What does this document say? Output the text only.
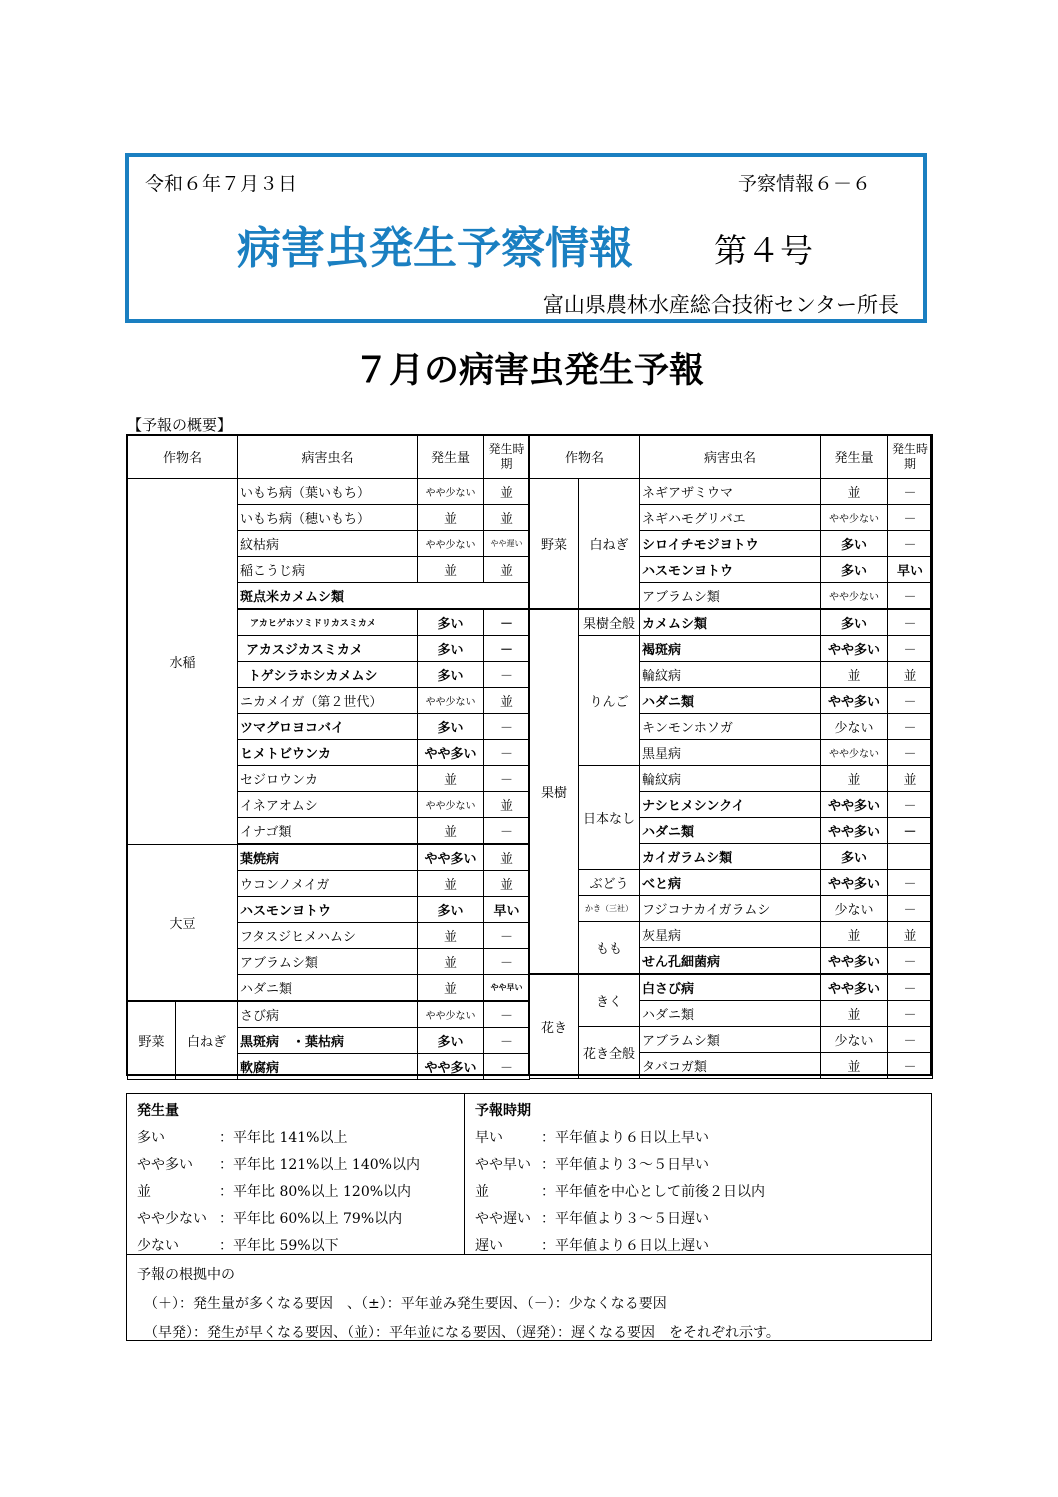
令和６年７月３日	予察情報６－６
病害虫発生予察情報 第４号
富山県農林水産総合技術センター所長
７月の病害虫発生予報
【予報の概要】
作物名		病害虫名	発生量	発生時期
水稲		いもち病（葉いもち）	やや少ない	並
		いもち病（穂いもち）	並	並
		紋枯病	やや少ない	やや遅い
		稲こうじ病	並	並
		斑点米カメムシ類		
		アカヒゲホソミドリカスミカメ	多い	－
		アカスジカスミカメ	多い	－
		トゲシラホシカメムシ	多い	－
		ニカメイガ（第２世代）	やや少ない	並
		ツマグロヨコバイ	多い	－
		ヒメトビウンカ	やや多い	－
		セジロウンカ	並	－
		イネアオムシ	やや少ない	並
		イナゴ類	並	－
大豆		葉焼病	やや多い	並
		ウコンノメイガ	並	並
		ハスモンヨトウ	多い	早い
		フタスジヒメハムシ	並	－
		アブラムシ類	並	－
		ハダニ類	並	やや早い
野菜	白ねぎ	さび病	やや少ない	－
		黒斑病　・葉枯病	多い	－
		軟腐病	やや多い	－
作物名		病害虫名	発生量	発生時期
野菜	白ねぎ	ネギアザミウマ	並	－
		ネギハモグリバエ	やや少ない	－
		シロイチモジヨトウ	多い	－
		ハスモンヨトウ	多い	早い
		アブラムシ類	やや少ない	－
果樹	果樹全般	カメムシ類	多い	－
	りんご	褐斑病	やや多い	－
		輪紋病	並	並
		ハダニ類	やや多い	－
		キンモンホソガ	少ない	－
		黒星病	やや少ない	－
	日本なし	輪紋病	並	並
		ナシヒメシンクイ	やや多い	－
		ハダニ類	やや多い	－
		カイガラムシ類	多い	
	ぶどう	べと病	やや多い	－
	かき（三社）	フジコナカイガラムシ	少ない	－
	もも	灰星病	並	並
		せん孔細菌病	やや多い	－
花き	きく	白さび病	やや多い	－
		ハダニ類	並	－
	花き全般	アブラムシ類	少ない	－
		タバコガ類	並	－
発生量
多い	：平年比 141%以上
やや多い ：平年比 121%以上 140%以内
並	：平年比 80%以上 120%以内
やや少ない ：平年比 60%以上 79%以内
少ない	：平年比 59%以下
予報時期
早い	：平年値より６日以上早い
やや早い ：平年値より３～５日早い
並	：平年値を中心として前後２日以内
やや遅い ：平年値より３～５日遅い
遅い	：平年値より６日以上遅い
予報の根拠中の
　（＋）：発生量が多くなる要因　、（±）：平年並み発生要因、（－）：少なくなる要因
　（早発）：発生が早くなる要因、（並）：平年並になる要因、（遅発）：遅くなる要因　をそれぞれ示す。
